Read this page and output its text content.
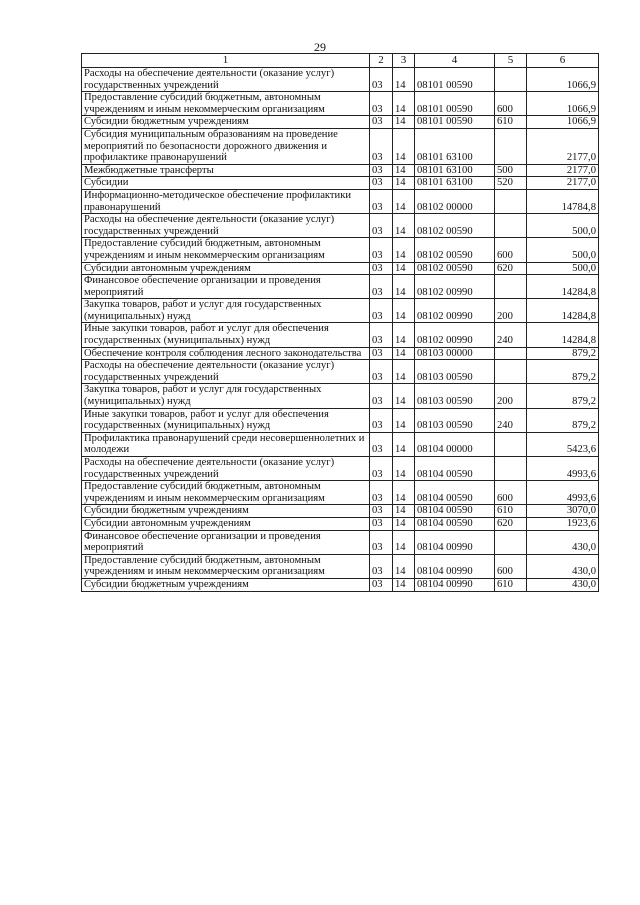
29
1	2	3	4	5	6
Расходы на обеспечение деятельности (оказание услуг) государственных учреждений	03	14	08101 00590		1066,9
Предоставление субсидий бюджетным, автономным учреждениям и иным некоммерческим организациям	03	14	08101 00590	600	1066,9
Субсидии бюджетным учреждениям	03	14	08101 00590	610	1066,9
Субсидия муниципальным образованиям на проведение мероприятий по безопасности дорожного движения и профилактике правонарушений	03	14	08101 63100		2177,0
Межбюджетные трансферты	03	14	08101 63100	500	2177,0
Субсидии	03	14	08101 63100	520	2177,0
Информационно-методическое обеспечение профилактики правонарушений	03	14	08102 00000		14784,8
Расходы на обеспечение деятельности (оказание услуг) государственных учреждений	03	14	08102 00590		500,0
Предоставление субсидий бюджетным, автономным учреждениям и иным некоммерческим организациям	03	14	08102 00590	600	500,0
Субсидии автономным учреждениям	03	14	08102 00590	620	500,0
Финансовое обеспечение организации и проведения мероприятий	03	14	08102 00990		14284,8
Закупка товаров, работ и услуг для государственных (муниципальных) нужд	03	14	08102 00990	200	14284,8
Иные закупки товаров, работ и услуг для обеспечения государственных (муниципальных) нужд	03	14	08102 00990	240	14284,8
Обеспечение контроля соблюдения лесного законодательства	03	14	08103 00000		879,2
Расходы на обеспечение деятельности (оказание услуг) государственных учреждений	03	14	08103 00590		879,2
Закупка товаров, работ и услуг для государственных (муниципальных) нужд	03	14	08103 00590	200	879,2
Иные закупки товаров, работ и услуг для обеспечения государственных (муниципальных) нужд	03	14	08103 00590	240	879,2
Профилактика правонарушений среди несовершеннолетних и молодежи	03	14	08104 00000		5423,6
Расходы на обеспечение деятельности (оказание услуг) государственных учреждений	03	14	08104 00590		4993,6
Предоставление субсидий бюджетным, автономным учреждениям и иным некоммерческим организациям	03	14	08104 00590	600	4993,6
Субсидии бюджетным учреждениям	03	14	08104 00590	610	3070,0
Субсидии автономным учреждениям	03	14	08104 00590	620	1923,6
Финансовое обеспечение организации и проведения мероприятий	03	14	08104 00990		430,0
Предоставление субсидий бюджетным, автономным учреждениям и иным некоммерческим организациям	03	14	08104 00990	600	430,0
Субсидии бюджетным учреждениям	03	14	08104 00990	610	430,0
